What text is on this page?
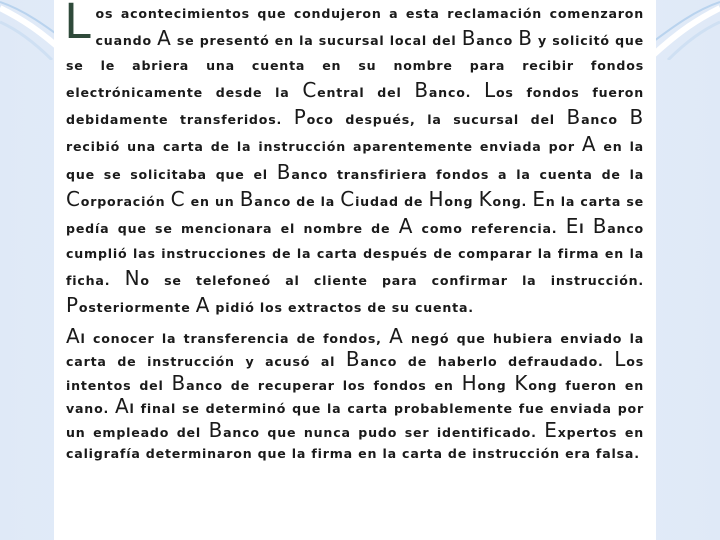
Los acontecimientos que condujeron a esta reclamación comenzaron cuando A se presentó en la sucursal local del Banco B y solicitó que se le abriera una cuenta en su nombre para recibir fondos electrónicamente desde la Central del Banco. Los fondos fueron debidamente transferidos. Poco después, la sucursal del Banco B recibió una carta de la instrucción aparentemente enviada por A en la que se solicitaba que el Banco transfiriera fondos a la cuenta de la Corporación C en un Banco de la Ciudad de Hong Kong. En la carta se pedía que se mencionara el nombre de A como referencia. El Banco cumplió las instrucciones de la carta después de comparar la firma en la ficha. No se telefoneó al cliente para confirmar la instrucción. Posteriormente A pidió los extractos de su cuenta.

Al conocer la transferencia de fondos, A negó que hubiera enviado la carta de instrucción y acusó al Banco de haberlo defraudado. Los intentos del Banco de recuperar los fondos en Hong Kong fueron en vano. Al final se determinó que la carta probablemente fue enviada por un empleado del Banco que nunca pudo ser identificado. Expertos en caligrafía determinaron que la firma en la carta de instrucción era falsa.
